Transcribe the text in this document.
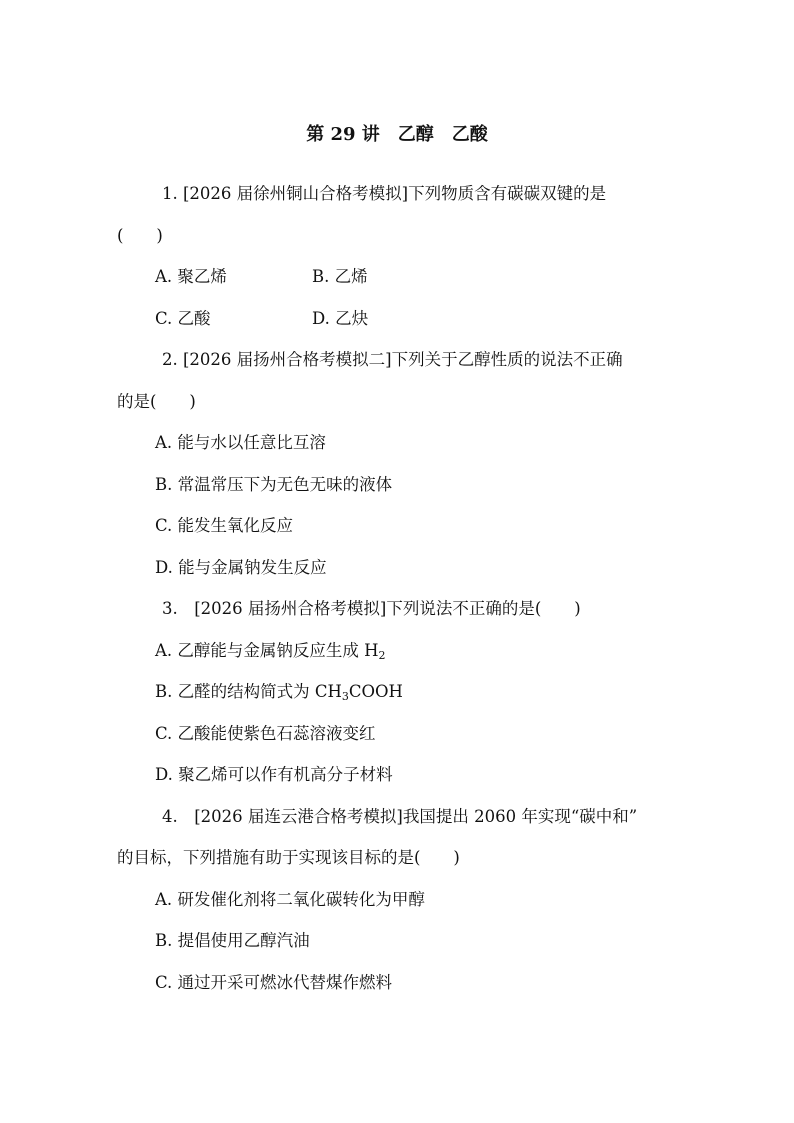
第 29 讲　乙醇　乙酸
1. [2026 届徐州铜山合格考模拟]下列物质含有碳碳双键的是
(　　)
A. 聚乙烯	B. 乙烯
C. 乙酸	D. 乙炔
2. [2026 届扬州合格考模拟二]下列关于乙醇性质的说法不正确
的是(　　)
A. 能与水以任意比互溶
B. 常温常压下为无色无味的液体
C. 能发生氧化反应
D. 能与金属钠发生反应
3.　[2026 届扬州合格考模拟]下列说法不正确的是(　　)
A. 乙醇能与金属钠反应生成 $H_2$
B. 乙醛的结构简式为 $CH_3COOH$
C. 乙酸能使紫色石蕊溶液变红
D. 聚乙烯可以作有机高分子材料
4.　[2026 届连云港合格考模拟]我国提出 2060 年实现“碳中和”
的目标，下列措施有助于实现该目标的是(　　)
A. 研发催化剂将二氧化碳转化为甲醇
B. 提倡使用乙醇汽油
C. 通过开采可燃冰代替煤作燃料
